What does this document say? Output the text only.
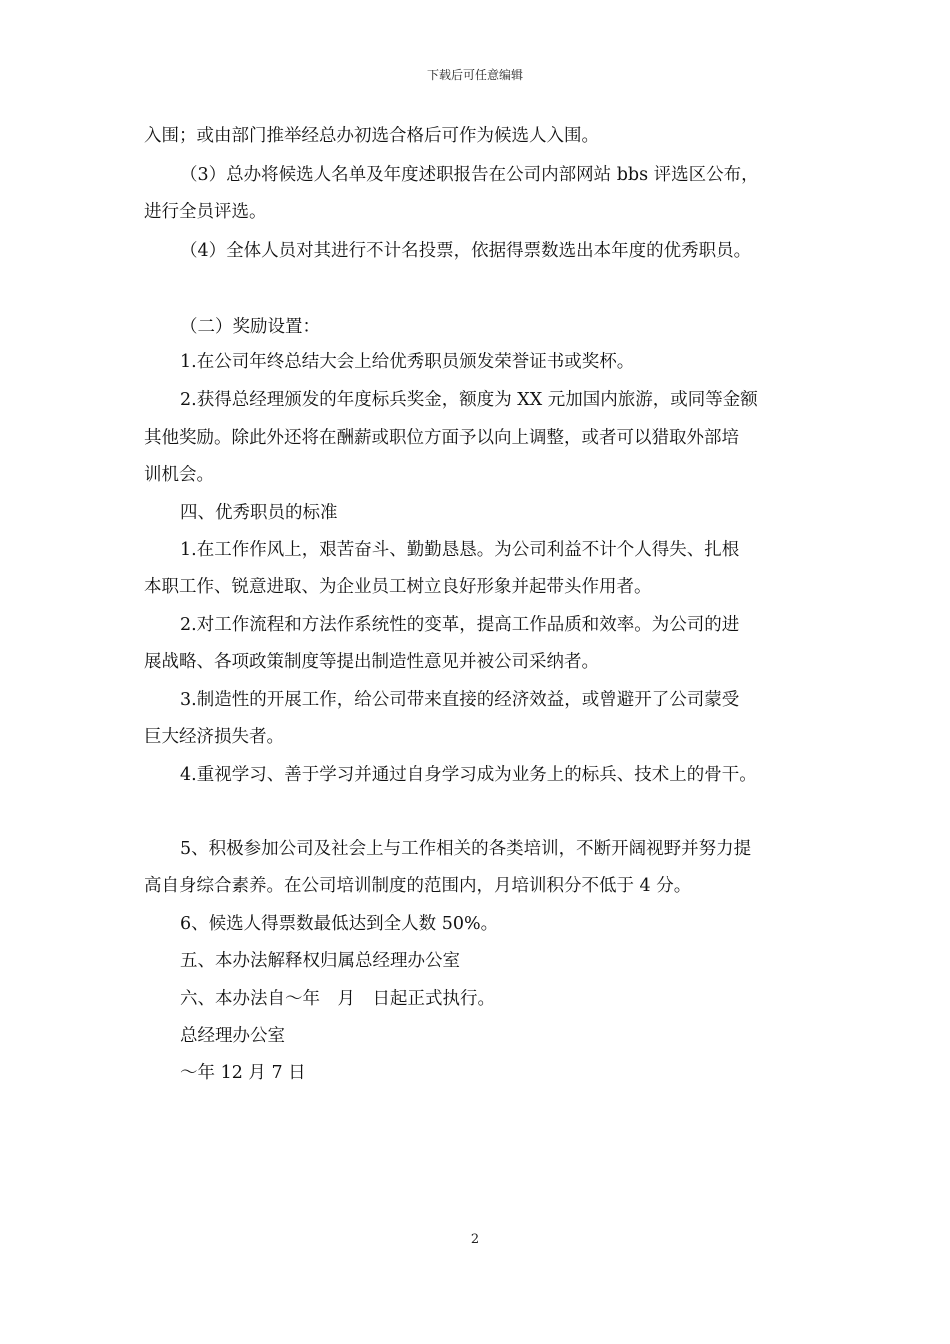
下载后可任意编辑
入围；或由部门推举经总办初选合格后可作为候选人入围。
（3）总办将候选人名单及年度述职报告在公司内部网站 bbs 评选区公布，
进行全员评选。
（4）全体人员对其进行不计名投票，依据得票数选出本年度的优秀职员。
（二）奖励设置：
1.在公司年终总结大会上给优秀职员颁发荣誉证书或奖杯。
2.获得总经理颁发的年度标兵奖金，额度为 XX 元加国内旅游，或同等金额
其他奖励。除此外还将在酬薪或职位方面予以向上调整，或者可以猎取外部培
训机会。
四、优秀职员的标准
1.在工作作风上，艰苦奋斗、勤勤恳恳。为公司利益不计个人得失、扎根
本职工作、锐意进取、为企业员工树立良好形象并起带头作用者。
2.对工作流程和方法作系统性的变革，提高工作品质和效率。为公司的进
展战略、各项政策制度等提出制造性意见并被公司采纳者。
3.制造性的开展工作，给公司带来直接的经济效益，或曾避开了公司蒙受
巨大经济损失者。
4.重视学习、善于学习并通过自身学习成为业务上的标兵、技术上的骨干。
5、积极参加公司及社会上与工作相关的各类培训，不断开阔视野并努力提
高自身综合素养。在公司培训制度的范围内，月培训积分不低于 4 分。
6、候选人得票数最低达到全人数 50%。
五、本办法解释权归属总经理办公室
六、本办法自～年　月　日起正式执行。
总经理办公室
～年 12 月 7 日
2
